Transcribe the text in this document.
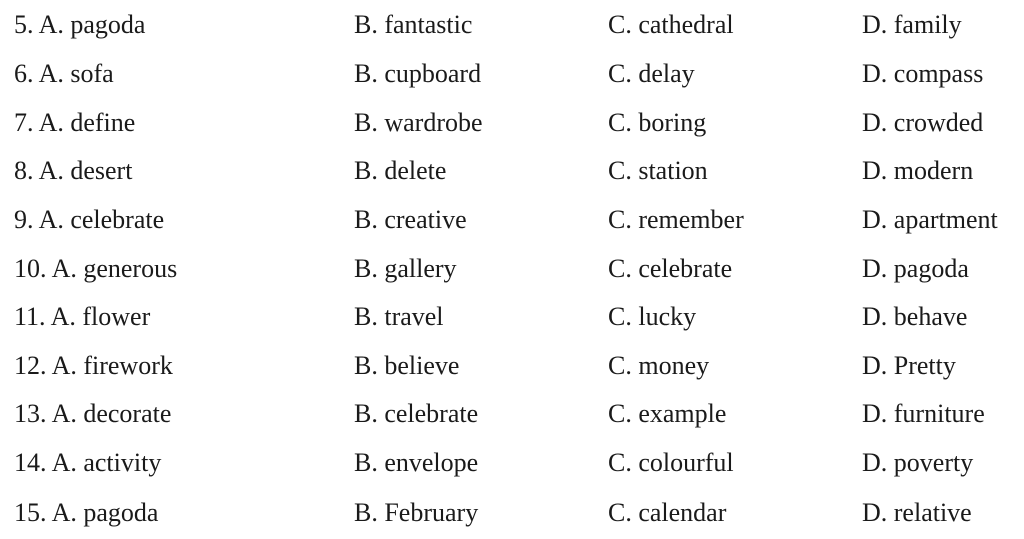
5. A. pagoda	B. fantastic	C. cathedral	D. family
6. A. sofa	B. cupboard	C. delay	D. compass
7. A. define	B. wardrobe	C. boring	D. crowded
8. A. desert	B. delete	C. station	D. modern
9. A. celebrate	B. creative	C. remember	D. apartment
10. A. generous	B. gallery	C. celebrate	D. pagoda
11. A. flower	B. travel	C. lucky	D. behave
12. A. firework	B. believe	C. money	D. Pretty
13. A. decorate	B. celebrate	C. example	D. furniture
14. A. activity	B. envelope	C. colourful	D. poverty
15. A. pagoda	B. February	C. calendar	D. relative
